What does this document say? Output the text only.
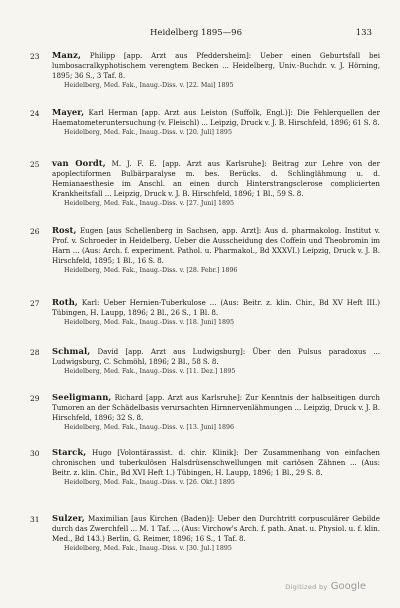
Heidelberg 1895—96	133
23	Manz, Philipp [app. Arzt aus Pfeddersheim]: Ueber einen Geburtsfall bei lumbosacralkyphotischem verengtem Becken ... Heidelberg, Univ.-Buchdr. v. J. Hörning, 1895; 36 S., 3 Taf. 8.
Heidelberg, Med. Fak., Inaug.-Diss. v. [22. Mai] 1895
24	Mayer, Karl Herman [app. Arzt aus Leiston (Suffolk, Engl.)]: Die Fehlerquellen der Haematometeruntersuchung (v. Fleischl) ... Leipzig, Druck v. J. B. Hirschfeld, 1896; 61 S. 8.
Heidelberg, Med. Fak., Inaug.-Diss. v. [20. Juli] 1895
25	van Oordt, M. J. F. E. [app. Arzt aus Karlsruhe]: Beitrag zur Lehre von der apoplectiformen Bulbärparalyse m. bes. Berücks. d. Schlinglähmung u. d. Hemianaesthesie im Anschl. an einen durch Hinterstrangsclerose complicierten Krankheitsfall ... Leipzig, Druck v. J. B. Hirschfeld, 1896; 1 Bl., 59 S. 8.
Heidelberg, Med. Fak., Inaug.-Diss. v. [27. Juni] 1895
26	Rost, Eugen [aus Schellenberg in Sachsen, app. Arzt]: Aus d. pharmakolog. Institut v. Prof. v. Schroeder in Heidelberg. Ueber die Ausscheidung des Coffein und Theobromin im Harn ... (Aus: Arch. f. experiment. Pathol. u. Pharmakol., Bd XXXVI.) Leipzig, Druck v. J. B. Hirschfeld, 1895; 1 Bl., 16 S. 8.
Heidelberg, Med. Fak., Inaug.-Diss. v. [28. Febr.] 1896
27	Roth, Karl: Ueber Hernien-Tuberkulose ... (Aus: Beitr. z. klin. Chir., Bd XV Heft III.) Tübingen, H. Laupp, 1896; 2 Bl., 26 S., 1 Bl. 8.
Heidelberg, Med. Fak., Inaug.-Diss. v. [18. Juni] 1895
28	Schmal, David [app. Arzt aus Ludwigsburg]: Über den Pulsus paradoxus ... Ludwigsburg, C. Schmöhl, 1896; 2 Bl., 58 S. 8.
Heidelberg, Med. Fak., Inaug.-Diss. v. [11. Dez.] 1895
29	Seeligmann, Richard [app. Arzt aus Karlsruhe]: Zur Kenntnis der halbseitigen durch Tumoren an der Schädelbasis verursachten Hirnnervenlähmungen ... Leipzig, Druck v. J. B. Hirschfeld, 1896; 32 S. 8.
Heidelberg, Med. Fak., Inaug.-Diss. v. [13. Juni] 1896
30	Starck, Hugo [Volontärassist. d. chir. Klinik]: Der Zusammenhang von einfachen chronischen und tuberkulösen Halsdrüsenschwellungen mit cariösen Zähnen ... (Aus: Beitr. z. klin. Chir., Bd XVI Heft 1.) Tübingen, H. Laupp, 1896; 1 Bl., 29 S. 8.
Heidelberg, Med. Fak., Inaug.-Diss. v. [26. Okt.] 1895
31	Sulzer, Maximilian [aus Kirchen (Baden)]: Ueber den Durchtritt corpusculärer Gebilde durch das Zwerchfell ... M. 1 Taf. ... (Aus: Virchow's Arch. f. path. Anat. u. Physiol. u. f. klin. Med., Bd 143.) Berlin, G. Reimer, 1896; 16 S., 1 Taf. 8.
Heidelberg, Med. Fak., Inaug.-Diss. v. [30. Jul.] 1895
Digitized by Google
